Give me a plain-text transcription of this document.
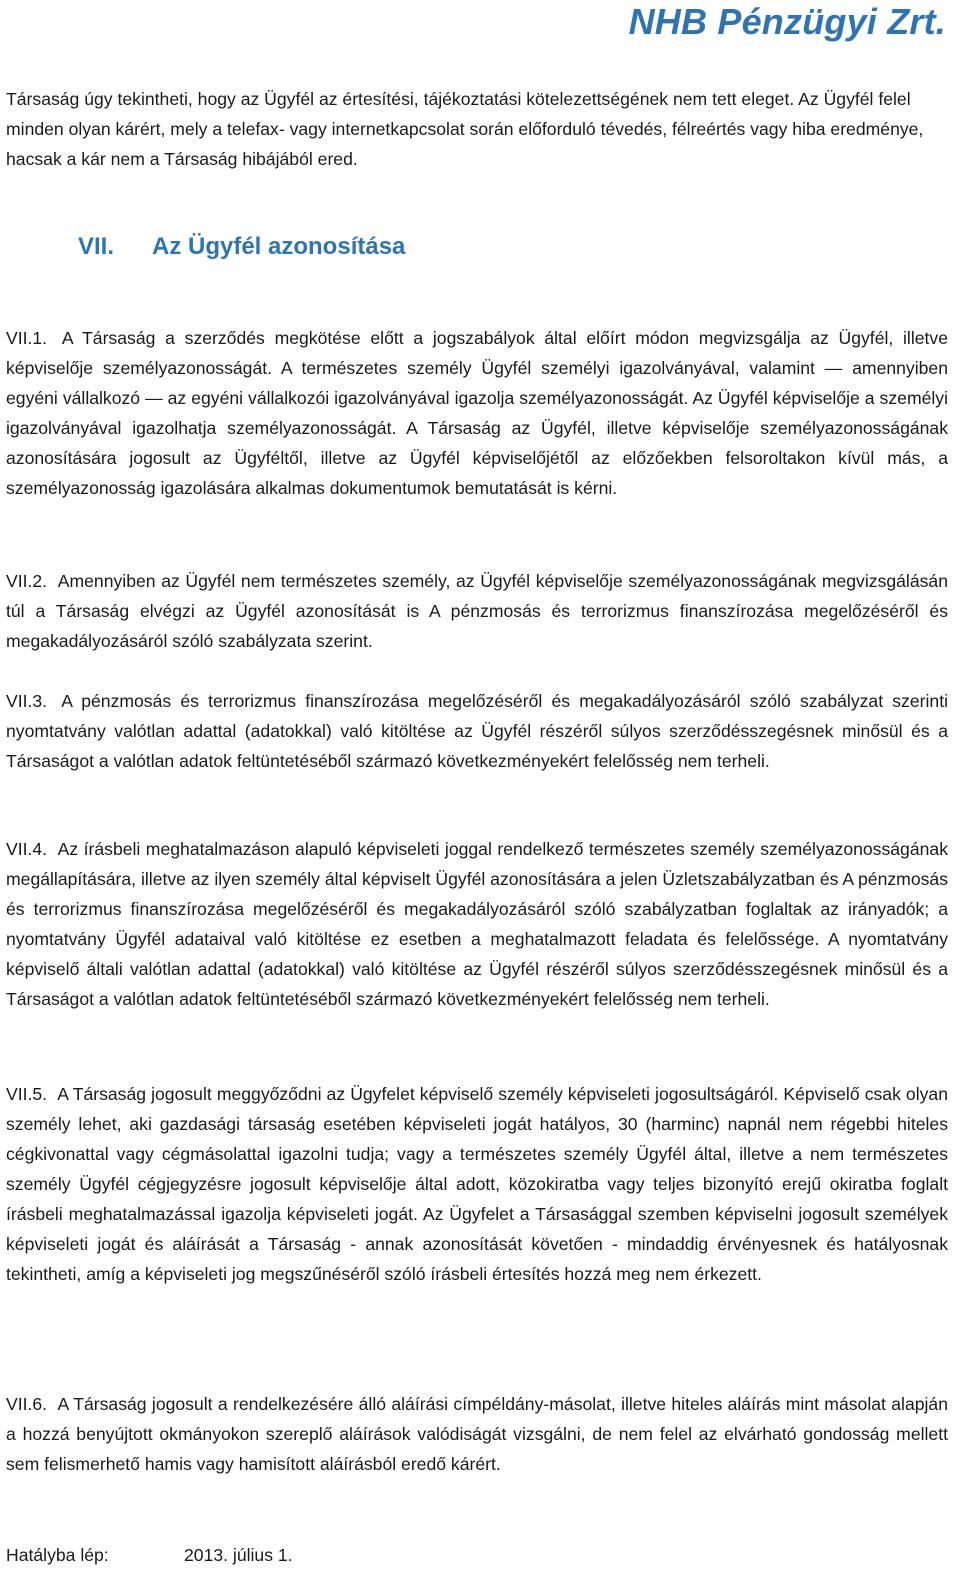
NHB Pénzügyi Zrt.

Társaság úgy tekintheti, hogy az Ügyfél az értesítési, tájékoztatási kötelezettségének nem tett eleget. Az Ügyfél felel minden olyan kárért, mely a telefax- vagy internetkapcsolat során előforduló tévedés, félreértés vagy hiba eredménye, hacsak a kár nem a Társaság hibájából ered.

VII. Az Ügyfél azonosítása

VII.1. A Társaság a szerződés megkötése előtt a jogszabályok által előírt módon megvizsgálja az Ügyfél, illetve képviselője személyazonosságát. A természetes személy Ügyfél személyi igazolványával, valamint — amennyiben egyéni vállalkozó — az egyéni vállalkozói igazolványával igazolja személyazonosságát. Az Ügyfél képviselője a személyi igazolványával igazolhatja személyazonosságát. A Társaság az Ügyfél, illetve képviselője személyazonosságának azonosítására jogosult az Ügyféltől, illetve az Ügyfél képviselőjétől az előzőekben felsoroltakon kívül más, a személyazonosság igazolására alkalmas dokumentumok bemutatását is kérni.

VII.2. Amennyiben az Ügyfél nem természetes személy, az Ügyfél képviselője személyazonosságának megvizsgálásán túl a Társaság elvégzi az Ügyfél azonosítását is A pénzmosás és terrorizmus finanszírozása megelőzéséről és megakadályozásáról szóló szabályzata szerint.

VII.3. A pénzmosás és terrorizmus finanszírozása megelőzéséről és megakadályozásáról szóló szabályzat szerinti nyomtatvány valótlan adattal (adatokkal) való kitöltése az Ügyfél részéről súlyos szerződésszegésnek minősül és a Társaságot a valótlan adatok feltüntetéséből származó következményekért felelősség nem terheli.

VII.4. Az írásbeli meghatalmazáson alapuló képviseleti joggal rendelkező természetes személy személyazonosságának megállapítására, illetve az ilyen személy által képviselt Ügyfél azonosítására a jelen Üzletszabályzatban és A pénzmosás és terrorizmus finanszírozása megelőzéséről és megakadályozásáról szóló szabályzatban foglaltak az irányadók; a nyomtatvány Ügyfél adataival való kitöltése ez esetben a meghatalmazott feladata és felelőssége. A nyomtatvány képviselő általi valótlan adattal (adatokkal) való kitöltése az Ügyfél részéről súlyos szerződésszegésnek minősül és a Társaságot a valótlan adatok feltüntetéséből származó következményekért felelősség nem terheli.

VII.5. A Társaság jogosult meggyőződni az Ügyfelet képviselő személy képviseleti jogosultságáról. Képviselő csak olyan személy lehet, aki gazdasági társaság esetében képviseleti jogát hatályos, 30 (harminc) napnál nem régebbi hiteles cégkivonattal vagy cégmásolattal igazolni tudja; vagy a természetes személy Ügyfél által, illetve a nem természetes személy Ügyfél cégjegyzésre jogosult képviselője által adott, közokiratba vagy teljes bizonyító erejű okiratba foglalt írásbeli meghatalmazással igazolja képviseleti jogát. Az Ügyfelet a Társasággal szemben képviselni jogosult személyek képviseleti jogát és aláírását a Társaság - annak azonosítását követően - mindaddig érvényesnek és hatályosnak tekintheti, amíg a képviseleti jog megszűnéséről szóló írásbeli értesítés hozzá meg nem érkezett.

VII.6. A Társaság jogosult a rendelkezésére álló aláírási címpéldány-másolat, illetve hiteles aláírás mint másolat alapján a hozzá benyújtott okmányokon szereplő aláírások valódiságát vizsgálni, de nem felel az elvárható gondosság mellett sem felismerhető hamis vagy hamisított aláírásból eredő kárért.

Hatályba lép:	2013. július 1.
